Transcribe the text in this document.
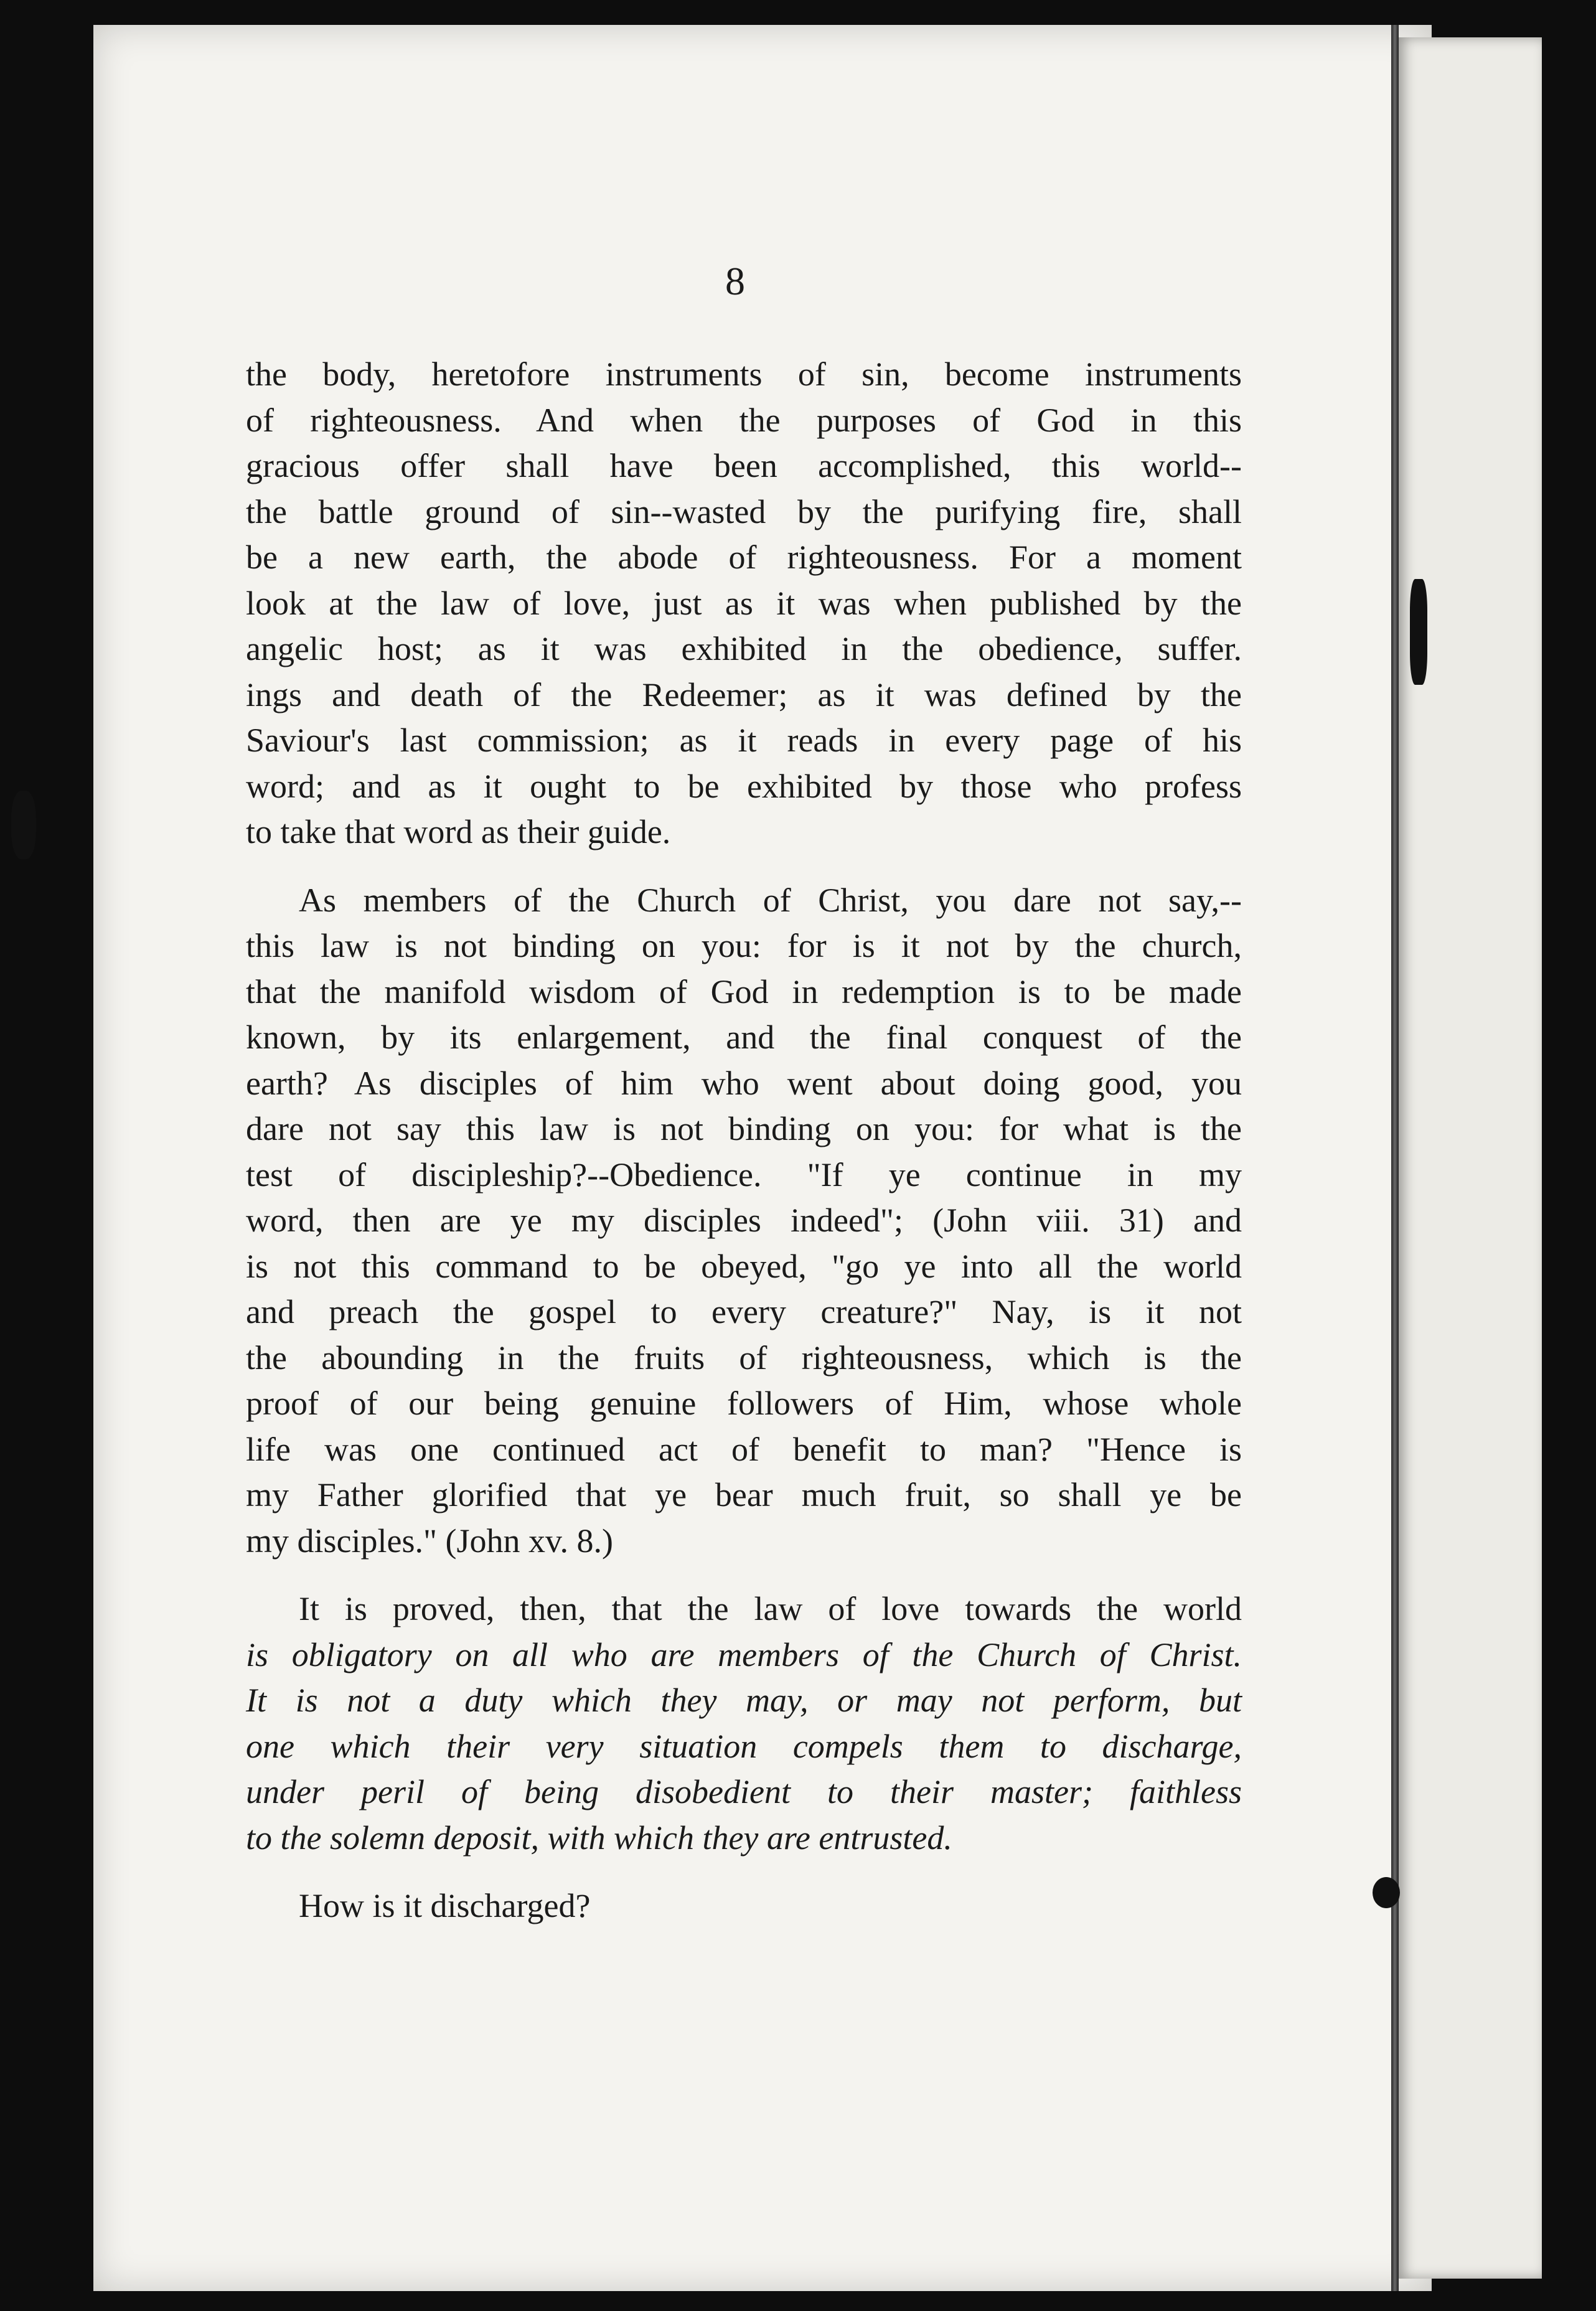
8
the body, heretofore instruments of sin, become instruments
of righteousness. And when the purposes of God in this
gracious offer shall have been accomplished, this world--
the battle ground of sin--wasted by the purifying fire, shall
be a new earth, the abode of righteousness. For a moment
look at the law of love, just as it was when published by the
angelic host; as it was exhibited in the obedience, suffer.
ings and death of the Redeemer; as it was defined by the
Saviour's last commission; as it reads in every page of his
word; and as it ought to be exhibited by those who profess
to take that word as their guide.
As members of the Church of Christ, you dare not say,--
this law is not binding on you: for is it not by the church,
that the manifold wisdom of God in redemption is to be made
known, by its enlargement, and the final conquest of the
earth? As disciples of him who went about doing good, you
dare not say this law is not binding on you: for what is the
test of discipleship?--Obedience. "If ye continue in my
word, then are ye my disciples indeed"; (John viii. 31) and
is not this command to be obeyed, "go ye into all the world
and preach the gospel to every creature?" Nay, is it not
the abounding in the fruits of righteousness, which is the
proof of our being genuine followers of Him, whose whole
life was one continued act of benefit to man? "Hence is
my Father glorified that ye bear much fruit, so shall ye be
my disciples." (John xv. 8.)
It is proved, then, that the law of love towards the world
is obligatory on all who are members of the Church of Christ.
It is not a duty which they may, or may not perform, but
one which their very situation compels them to discharge,
under peril of being disobedient to their master; faithless
to the solemn deposit, with which they are entrusted.
How is it discharged?
